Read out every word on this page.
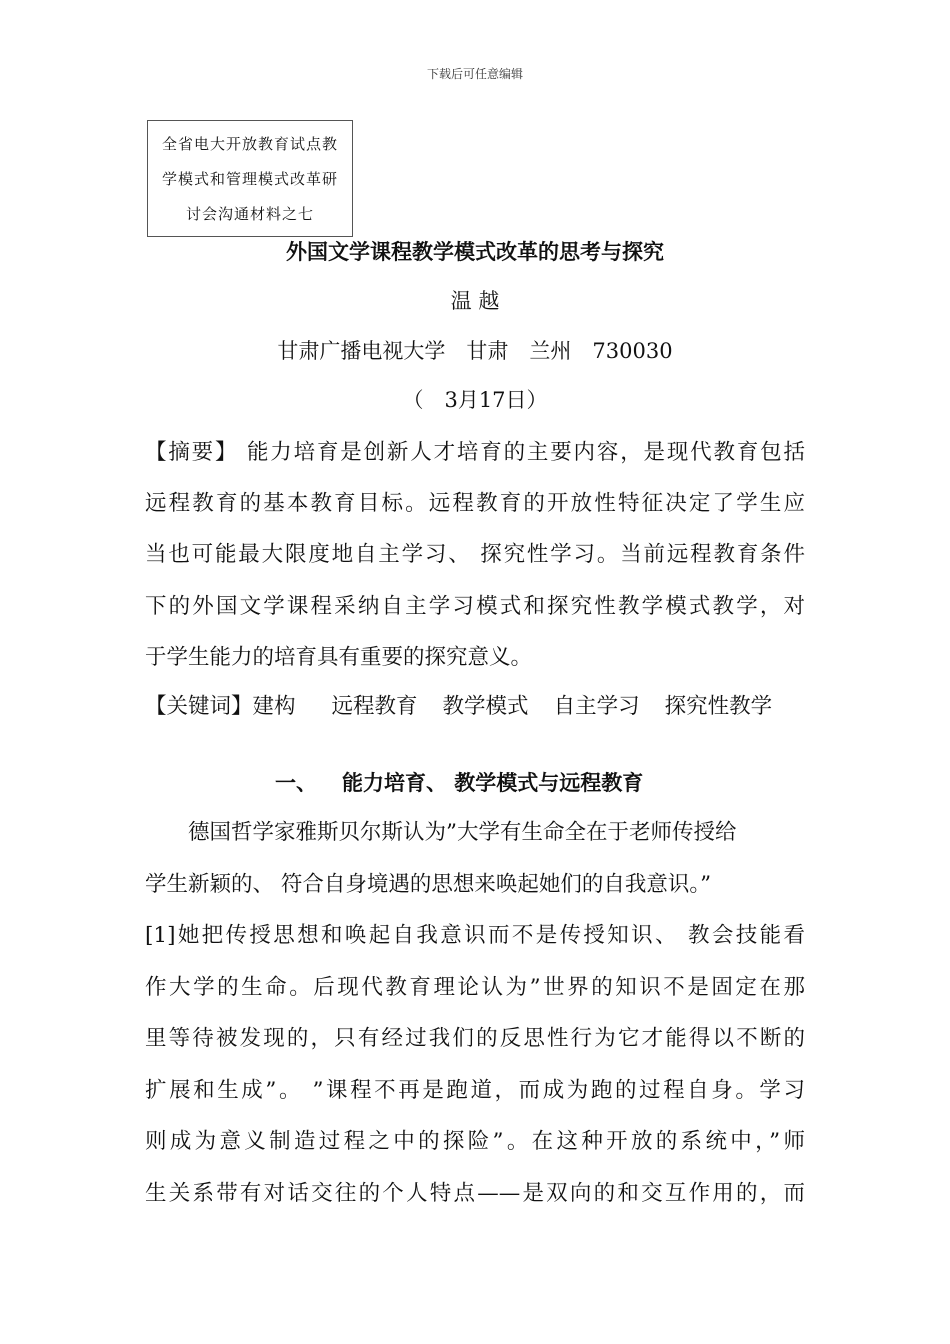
下载后可任意编辑
全省电大开放教育试点教
学模式和管理模式改革研
讨会沟通材料之七
外国文学课程教学模式改革的思考与探究
温 越
甘肃广播电视大学　甘肃　兰州　730030
（　3月17日）
【摘要】 能力培育是创新人才培育的主要内容，是现代教育包括
远程教育的基本教育目标。远程教育的开放性特征决定了学生应
当也可能最大限度地自主学习、 探究性学习。当前远程教育条件
下的外国文学课程采纳自主学习模式和探究性教学模式教学，对
于学生能力的培育具有重要的探究意义。
【关键词】建构 远程教育 教学模式 自主学习 探究性教学
一、 能力培育、 教学模式与远程教育
　　德国哲学家雅斯贝尔斯认为”大学有生命全在于老师传授给
学生新颖的、 符合自身境遇的思想来唤起她们的自我意识。”
[1]她把传授思想和唤起自我意识而不是传授知识、 教会技能看
作大学的生命。后现代教育理论认为”世界的知识不是固定在那
里等待被发现的，只有经过我们的反思性行为它才能得以不断的
扩展和生成”。 ”课程不再是跑道，而成为跑的过程自身。学习
则成为意义制造过程之中的探险”。在这种开放的系统中，”师
生关系带有对话交往的个人特点——是双向的和交互作用的，而
